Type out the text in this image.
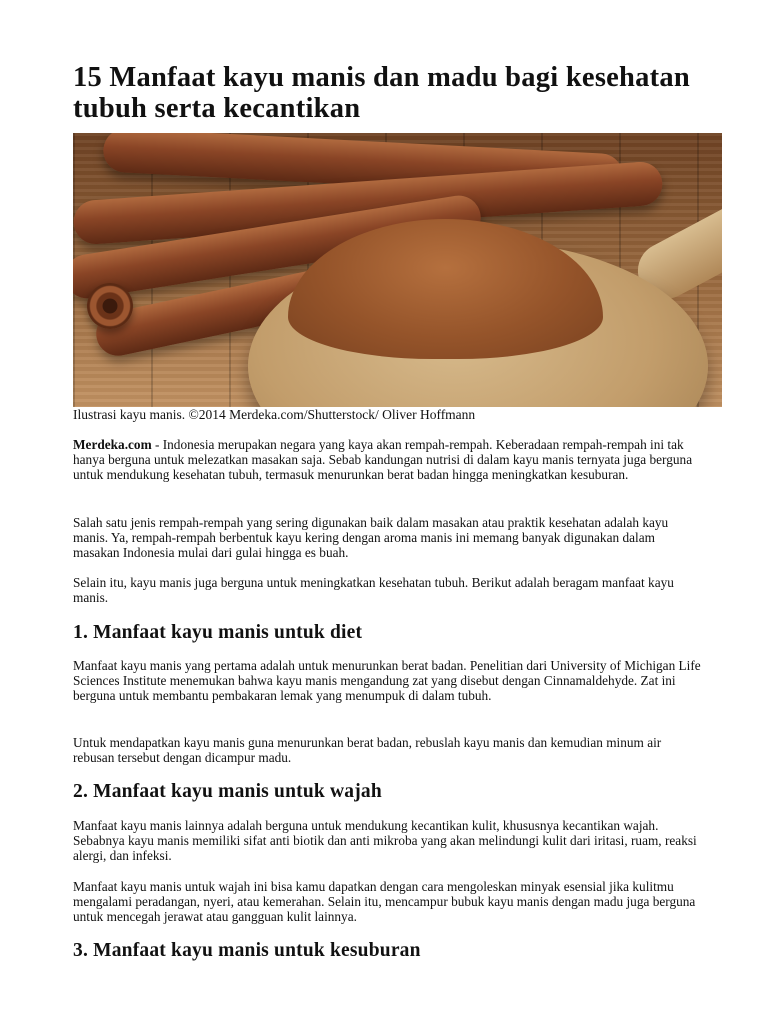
15 Manfaat kayu manis dan madu bagi kesehatan tubuh serta kecantikan

Ilustrasi kayu manis. ©2014 Merdeka.com/Shutterstock/ Oliver Hoffmann

Merdeka.com - Indonesia merupakan negara yang kaya akan rempah-rempah. Keberadaan rempah-rempah ini tak hanya berguna untuk melezatkan masakan saja. Sebab kandungan nutrisi di dalam kayu manis ternyata juga berguna untuk mendukung kesehatan tubuh, termasuk menurunkan berat badan hingga meningkatkan kesuburan.

Salah satu jenis rempah-rempah yang sering digunakan baik dalam masakan atau praktik kesehatan adalah kayu manis. Ya, rempah-rempah berbentuk kayu kering dengan aroma manis ini memang banyak digunakan dalam masakan Indonesia mulai dari gulai hingga es buah.

Selain itu, kayu manis juga berguna untuk meningkatkan kesehatan tubuh. Berikut adalah beragam manfaat kayu manis.

1. Manfaat kayu manis untuk diet

Manfaat kayu manis yang pertama adalah untuk menurunkan berat badan. Penelitian dari University of Michigan Life Sciences Institute menemukan bahwa kayu manis mengandung zat yang disebut dengan Cinnamaldehyde. Zat ini berguna untuk membantu pembakaran lemak yang menumpuk di dalam tubuh.

Untuk mendapatkan kayu manis guna menurunkan berat badan, rebuslah kayu manis dan kemudian minum air rebusan tersebut dengan dicampur madu.

2. Manfaat kayu manis untuk wajah

Manfaat kayu manis lainnya adalah berguna untuk mendukung kecantikan kulit, khususnya kecantikan wajah. Sebabnya kayu manis memiliki sifat anti biotik dan anti mikroba yang akan melindungi kulit dari iritasi, ruam, reaksi alergi, dan infeksi.

Manfaat kayu manis untuk wajah ini bisa kamu dapatkan dengan cara mengoleskan minyak esensial jika kulitmu mengalami peradangan, nyeri, atau kemerahan. Selain itu, mencampur bubuk kayu manis dengan madu juga berguna untuk mencegah jerawat atau gangguan kulit lainnya.

3. Manfaat kayu manis untuk kesuburan
